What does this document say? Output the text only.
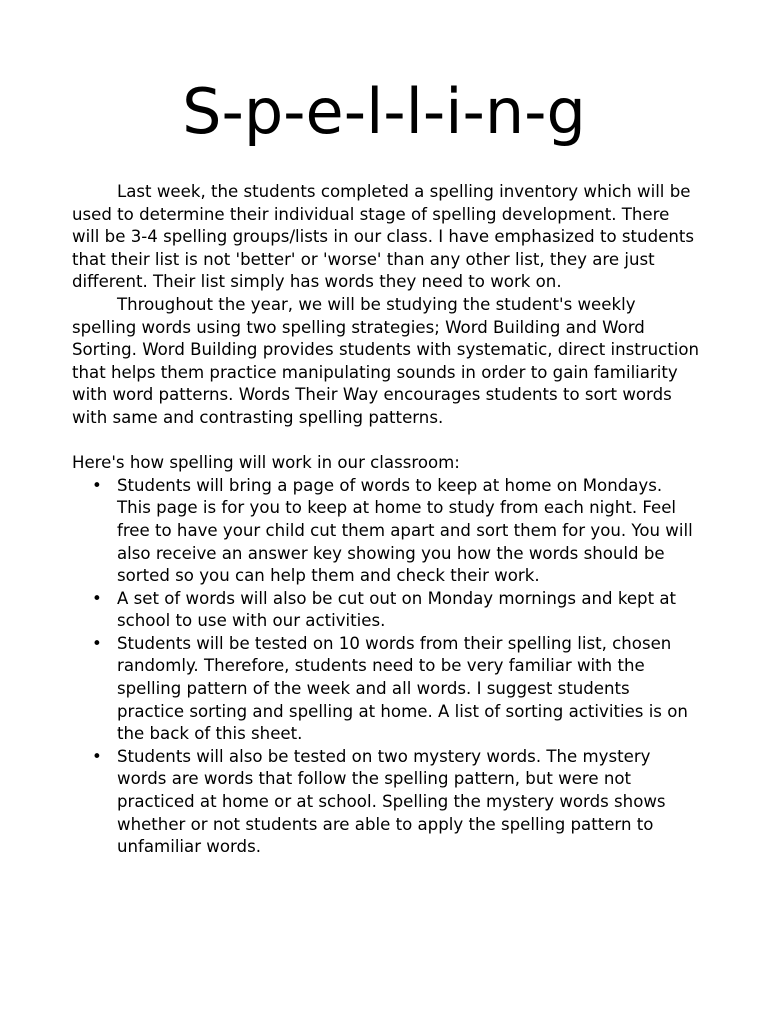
S-p-e-l-l-i-n-g

Last week, the students completed a spelling inventory which will be used to determine their individual stage of spelling development. There will be 3-4 spelling groups/lists in our class. I have emphasized to students that their list is not 'better' or 'worse' than any other list, they are just different. Their list simply has words they need to work on.

Throughout the year, we will be studying the student's weekly spelling words using two spelling strategies; Word Building and Word Sorting. Word Building provides students with systematic, direct instruction that helps them practice manipulating sounds in order to gain familiarity with word patterns. Words Their Way encourages students to sort words with same and contrasting spelling patterns.

Here's how spelling will work in our classroom:
• Students will bring a page of words to keep at home on Mondays. This page is for you to keep at home to study from each night. Feel free to have your child cut them apart and sort them for you. You will also receive an answer key showing you how the words should be sorted so you can help them and check their work.
• A set of words will also be cut out on Monday mornings and kept at school to use with our activities.
• Students will be tested on 10 words from their spelling list, chosen randomly. Therefore, students need to be very familiar with the spelling pattern of the week and all words. I suggest students practice sorting and spelling at home. A list of sorting activities is on the back of this sheet.
• Students will also be tested on two mystery words. The mystery words are words that follow the spelling pattern, but were not practiced at home or at school. Spelling the mystery words shows whether or not students are able to apply the spelling pattern to unfamiliar words.
